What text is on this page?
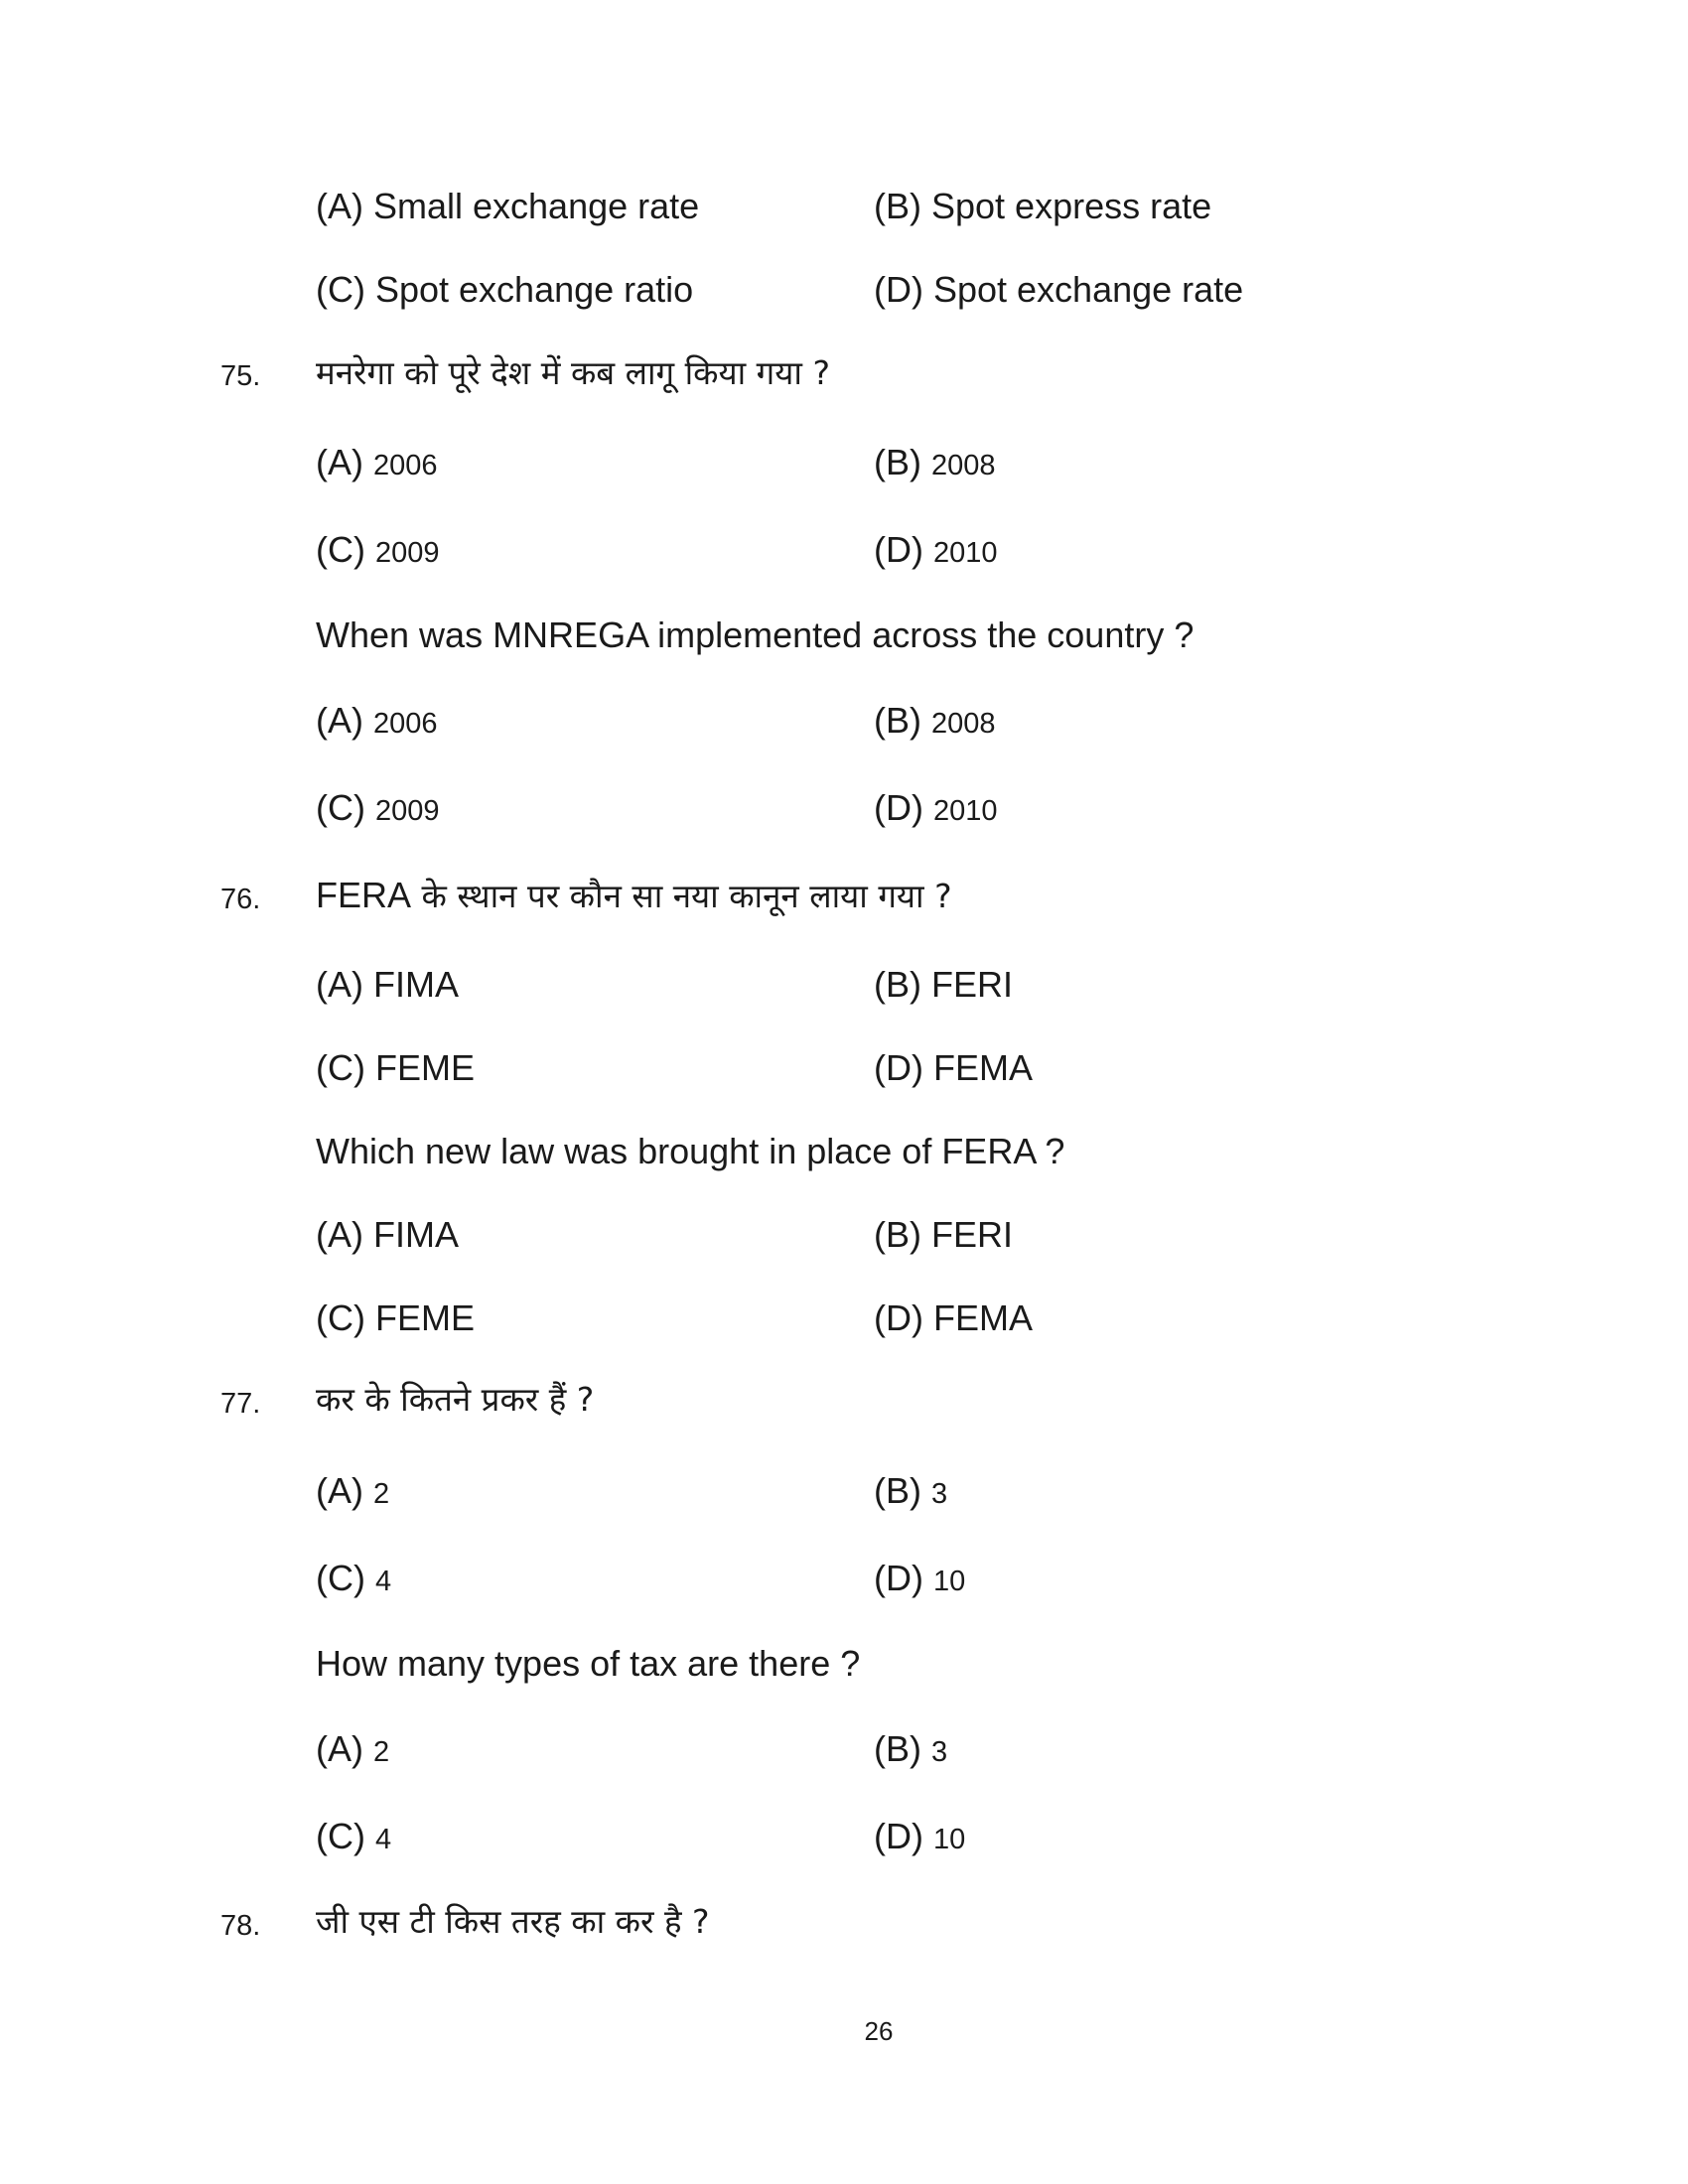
(A) Small exchange rate	(B) Spot express rate
(C) Spot exchange ratio	(D) Spot exchange rate
75. मनरेगा को पूरे देश में कब लागू किया गया ?
(A) 2006	(B) 2008
(C) 2009	(D) 2010
When was MNREGA implemented across the country ?
(A) 2006	(B) 2008
(C) 2009	(D) 2010
76. FERA के स्थान पर कौन सा नया कानून लाया गया ?
(A) FIMA	(B) FERI
(C) FEME	(D) FEMA
Which new law was brought in place of FERA ?
(A) FIMA	(B) FERI
(C) FEME	(D) FEMA
77. कर के कितने प्रकर हैं ?
(A) 2	(B) 3
(C) 4	(D) 10
How many types of tax are there ?
(A) 2	(B) 3
(C) 4	(D) 10
78. जी एस टी किस तरह का कर है ?
26
